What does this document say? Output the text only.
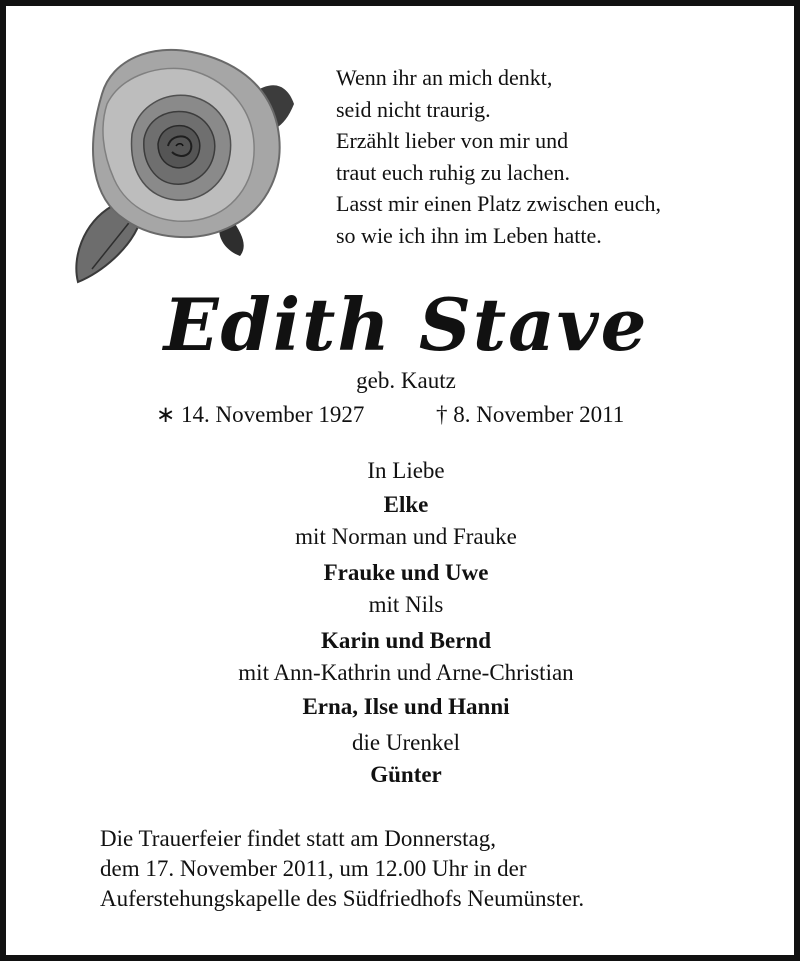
Wenn ihr an mich denkt,
seid nicht traurig.
Erzählt lieber von mir und
traut euch ruhig zu lachen.
Lasst mir einen Platz zwischen euch,
so wie ich ihn im Leben hatte.
Edith Stave
geb. Kautz
∗ 14. November 1927	† 8. November 2011
In Liebe
Elke
mit Norman und Frauke
Frauke und Uwe
mit Nils
Karin und Bernd
mit Ann-Kathrin und Arne-Christian
Erna, Ilse und Hanni
die Urenkel
Günter
Die Trauerfeier findet statt am Donnerstag,
dem 17. November 2011, um 12.00 Uhr in der
Auferstehungskapelle des Südfriedhofs Neumünster.
